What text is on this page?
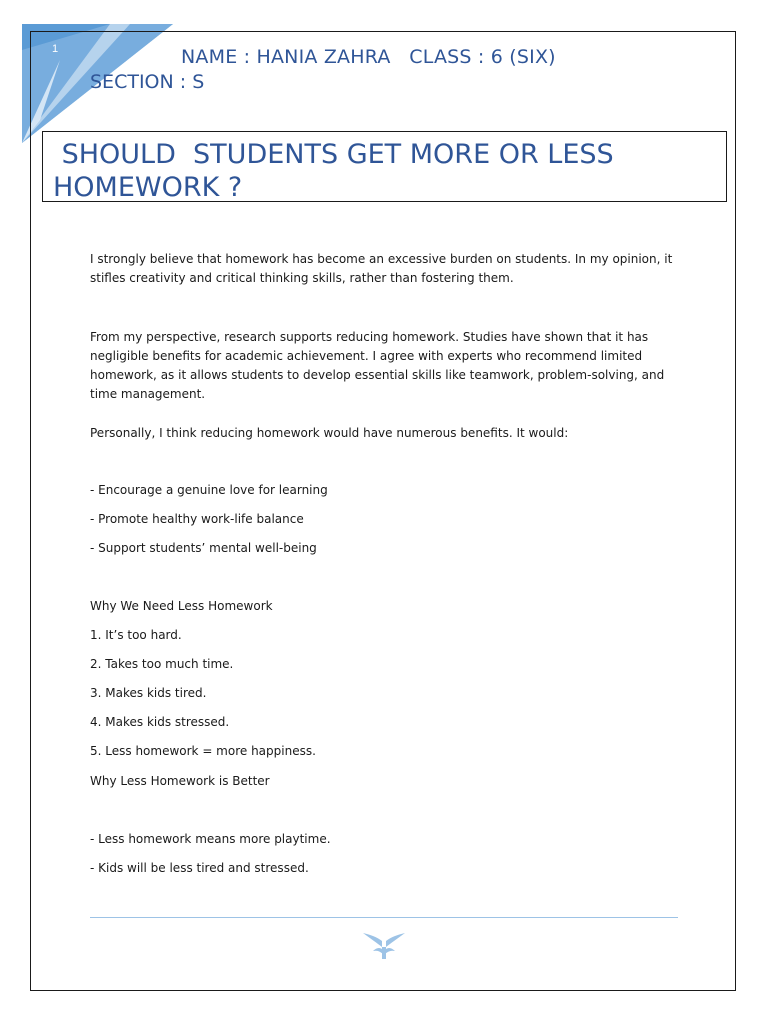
1	NAME : HANIA ZAHRA   CLASS : 6 (SIX)
SECTION : S
SHOULD  STUDENTS GET MORE OR LESS HOMEWORK ?

I strongly believe that homework has become an excessive burden on students. In my opinion, it stifles creativity and critical thinking skills, rather than fostering them.

From my perspective, research supports reducing homework. Studies have shown that it has negligible benefits for academic achievement. I agree with experts who recommend limited homework, as it allows students to develop essential skills like teamwork, problem-solving, and time management.

Personally, I think reducing homework would have numerous benefits. It would:

- Encourage a genuine love for learning

- Promote healthy work-life balance

- Support students’ mental well-being

Why We Need Less Homework

1. It’s too hard.

2. Takes too much time.

3. Makes kids tired.

4. Makes kids stressed.

5. Less homework = more happiness.

Why Less Homework is Better

- Less homework means more playtime.

- Kids will be less tired and stressed.
